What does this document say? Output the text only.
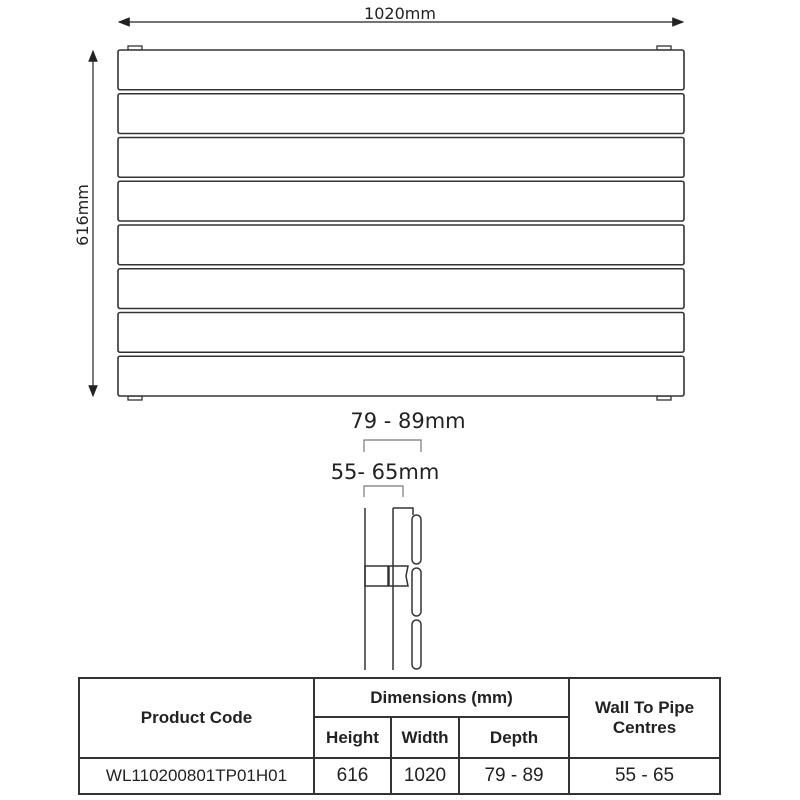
1020mm
616mm
79 - 89mm
55- 65mm
Product Code	Dimensions (mm)			Wall To Pipe Centres
	Height	Width	Depth	
WL110200801TP01H01	616	1020	79 - 89	55 - 65
